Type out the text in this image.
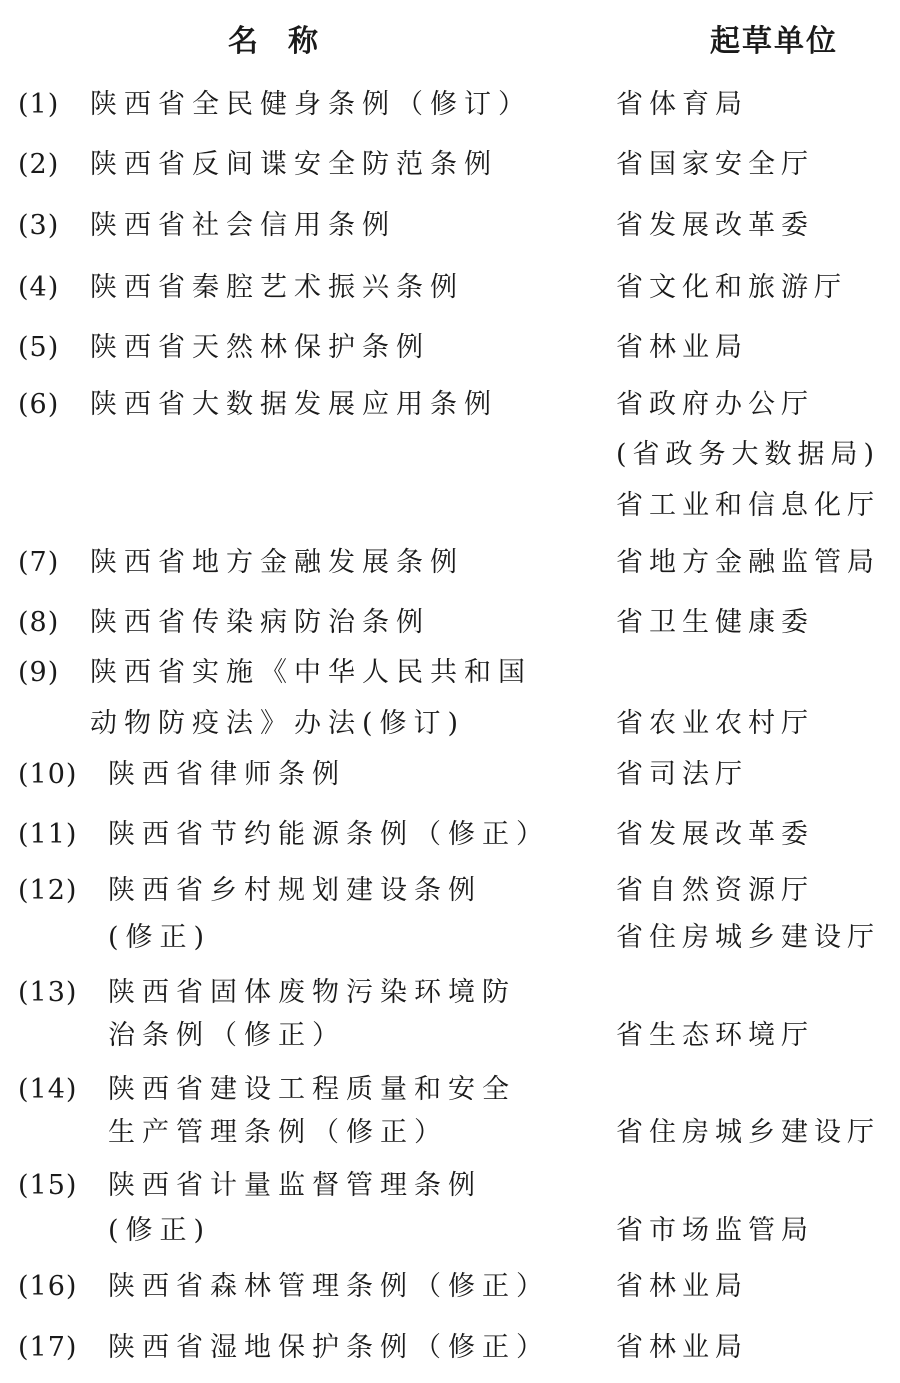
名 称	起草单位
(1) 陕西省全民健身条例（修订）	省体育局
(2) 陕西省反间谍安全防范条例	省国家安全厅
(3) 陕西省社会信用条例	省发展改革委
(4) 陕西省秦腔艺术振兴条例	省文化和旅游厅
(5) 陕西省天然林保护条例	省林业局
(6) 陕西省大数据发展应用条例	省政府办公厅
(省政务大数据局)
省工业和信息化厅
(7) 陕西省地方金融发展条例	省地方金融监管局
(8) 陕西省传染病防治条例	省卫生健康委
(9) 陕西省实施《中华人民共和国
动物防疫法》办法(修订)	省农业农村厅
(10) 陕西省律师条例	省司法厅
(11) 陕西省节约能源条例（修正） 省发展改革委
(12) 陕西省乡村规划建设条例	省自然资源厅
(修正)	省住房城乡建设厅
(13) 陕西省固体废物污染环境防
治条例（修正）	省生态环境厅
(14) 陕西省建设工程质量和安全
生产管理条例（修正）	省住房城乡建设厅
(15) 陕西省计量监督管理条例
(修正)	省市场监管局
(16) 陕西省森林管理条例（修正） 省林业局
(17) 陕西省湿地保护条例（修正） 省林业局
